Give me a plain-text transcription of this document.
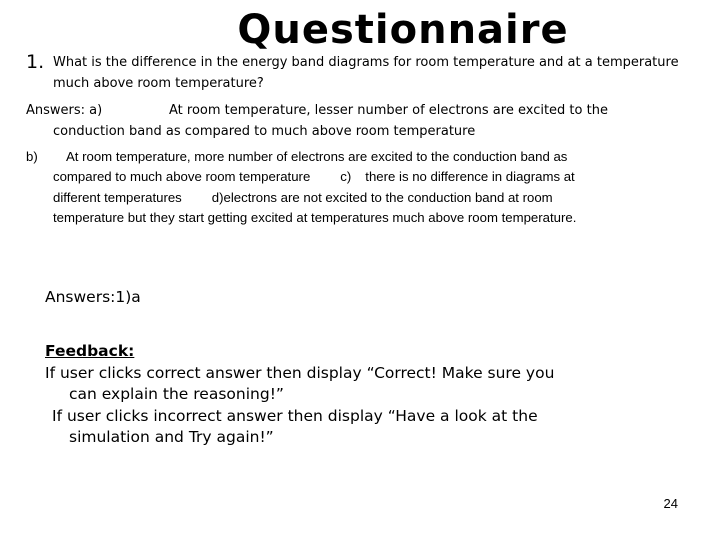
Questionnaire
1. What is the difference in the energy band diagrams for room temperature and at a temperature much above room temperature?
Answers: a)	At room temperature, lesser number of electrons are excited to the
conduction band as compared to much above room temperature
b) At room temperature, more number of electrons are excited to the conduction band as
compared to much above room temperature c) there is no difference in diagrams at
different temperatures d)electrons are not excited to the conduction band at room
temperature but they start getting excited at temperatures much above room temperature.
Answers:1)a
Feedback:
If user clicks correct answer then display “Correct! Make sure you
can explain the reasoning!”
If user clicks incorrect answer then display “Have a look at the
simulation and Try again!”
24
